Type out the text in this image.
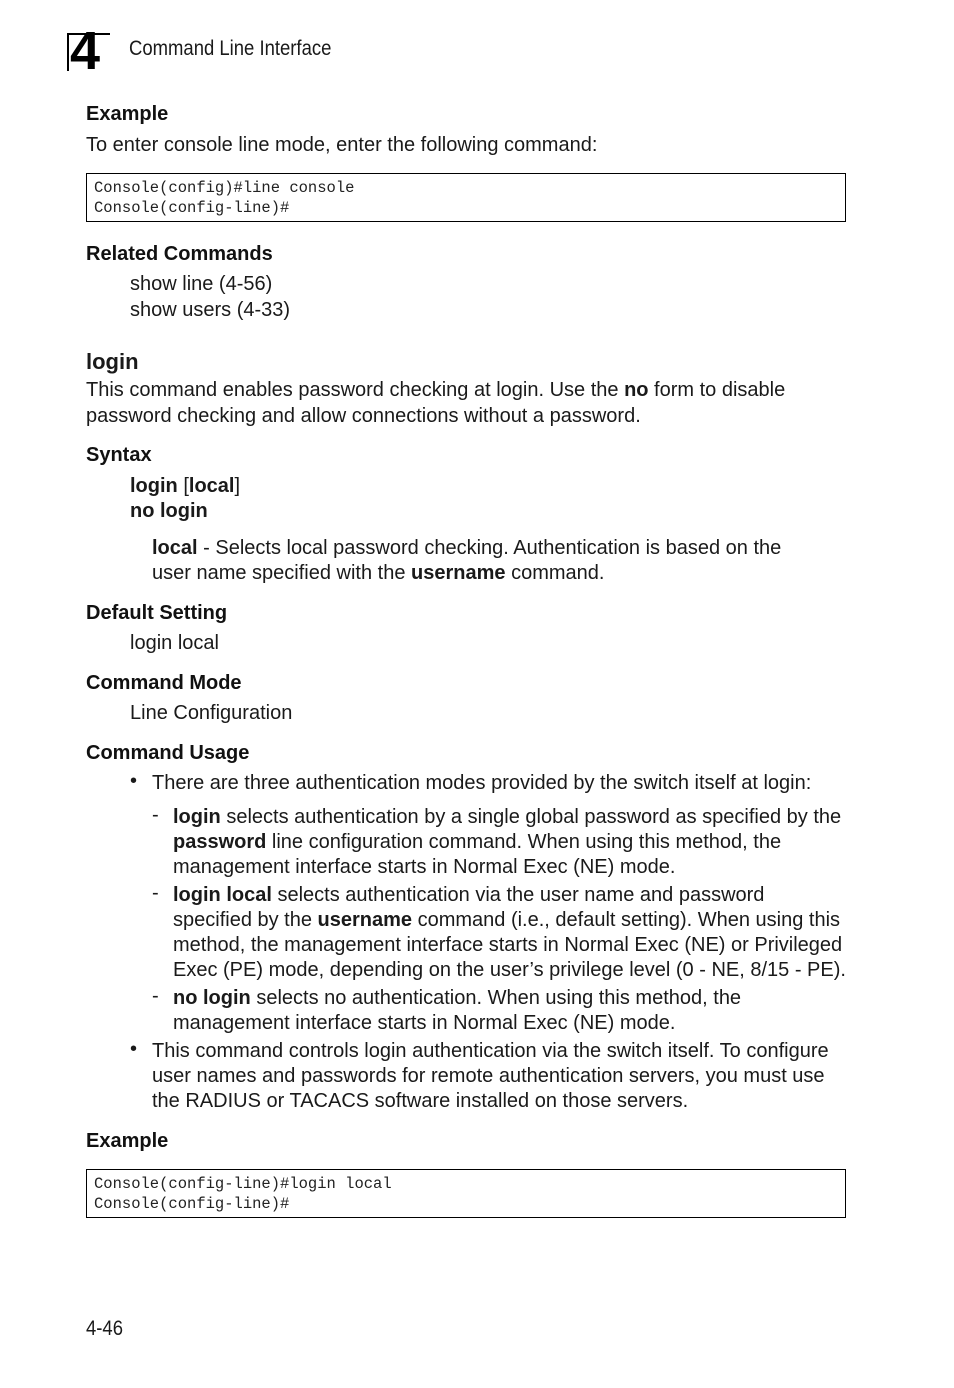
4 Command Line Interface
Example
To enter console line mode, enter the following command:
Console(config)#line console
Console(config-line)#
Related Commands
show line (4-56)
show users (4-33)
login
This command enables password checking at login. Use the no form to disable
password checking and allow connections without a password.
Syntax
login [local]
no login
local - Selects local password checking. Authentication is based on the
user name specified with the username command.
Default Setting
login local
Command Mode
Line Configuration
Command Usage
• There are three authentication modes provided by the switch itself at login:
- login selects authentication by a single global password as specified by the
password line configuration command. When using this method, the
management interface starts in Normal Exec (NE) mode.
- login local selects authentication via the user name and password
specified by the username command (i.e., default setting). When using this
method, the management interface starts in Normal Exec (NE) or Privileged
Exec (PE) mode, depending on the user’s privilege level (0 - NE, 8/15 - PE).
- no login selects no authentication. When using this method, the
management interface starts in Normal Exec (NE) mode.
• This command controls login authentication via the switch itself. To configure
user names and passwords for remote authentication servers, you must use
the RADIUS or TACACS software installed on those servers.
Example
Console(config-line)#login local
Console(config-line)#
4-46
